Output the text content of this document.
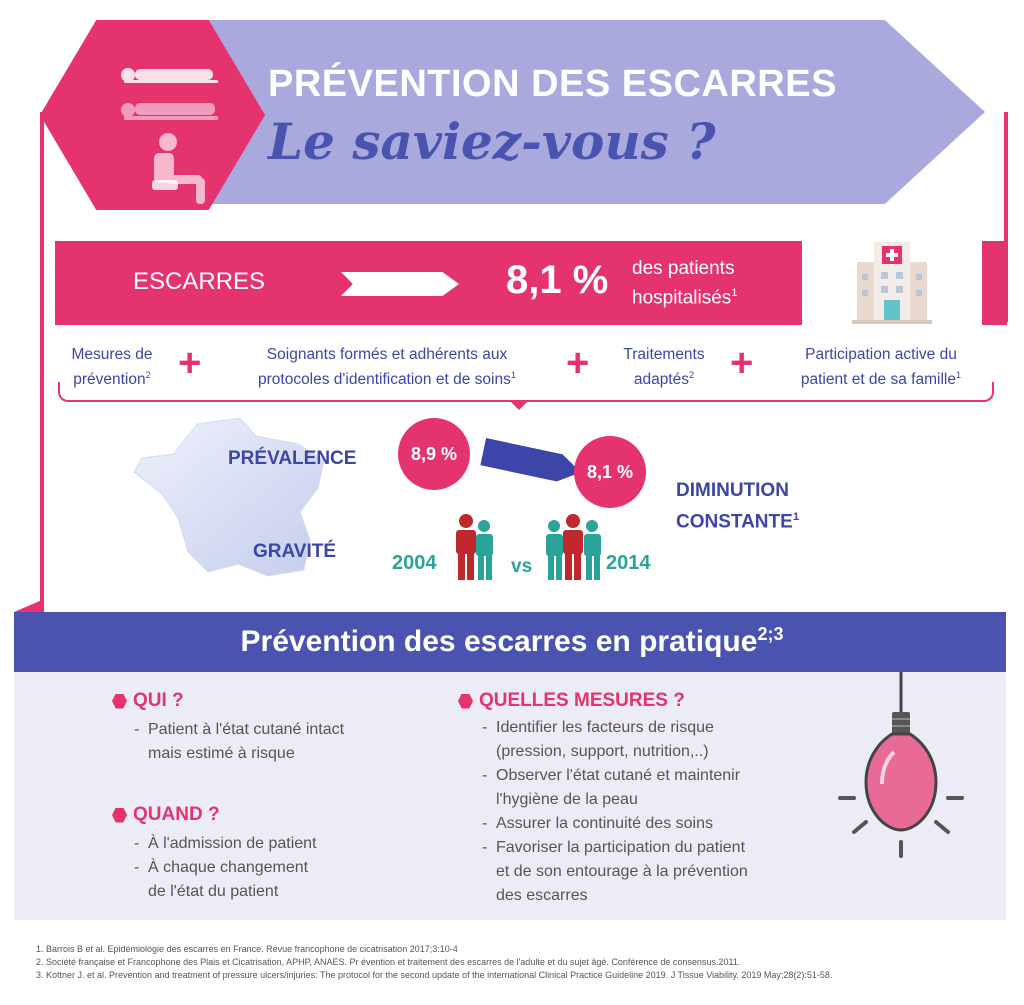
PRÉVENTION DES ESCARRES
Le saviez-vous ?
ESCARRES	8,1 % des patients
hospitalisés$^1$
Mesures de
prévention$^2$ +	Soignants formés et adhérents aux
protocoles d'identification et de soins$^1$	+	Traitements
adaptés$^2$ +	Participation active du
patient et de sa famille$^1$
PRÉVALENCE
GRAVITÉ
8,9 %
8,1 %
DIMINUTION
CONSTANTE$^1$
2004	vs	2014
Prévention des escarres en pratique$^{2;3}$
QUI ?
- Patient à l'état cutané intact
mais estimé à risque
QUAND ?
- À l'admission de patient
- À chaque changement
de l'état du patient
QUELLES MESURES ?
- Identifier les facteurs de risque
(pression, support, nutrition,..)
- Observer l'état cutané et maintenir
l'hygiène de la peau
- Assurer la continuité des soins
- Favoriser la participation du patient
et de son entourage à la prévention
des escarres
1. Barrois B et al. Epidémiologie des escarres en France. Revue francophone de cicatrisation 2017;3:10-4
2. Société française et Francophone des Plais et Cicatrisation, APHP, ANAES. Pr évention et traitement des escarres de l'adulte et du sujet âgé. Conférence de consensus.2011.
3. Kottner J. et al. Prevention and treatment of pressure ulcers/injuries: The protocol for the second update of the international Clinical Practice Guideline 2019. J Tissue Viability. 2019 May;28(2):51-58.
